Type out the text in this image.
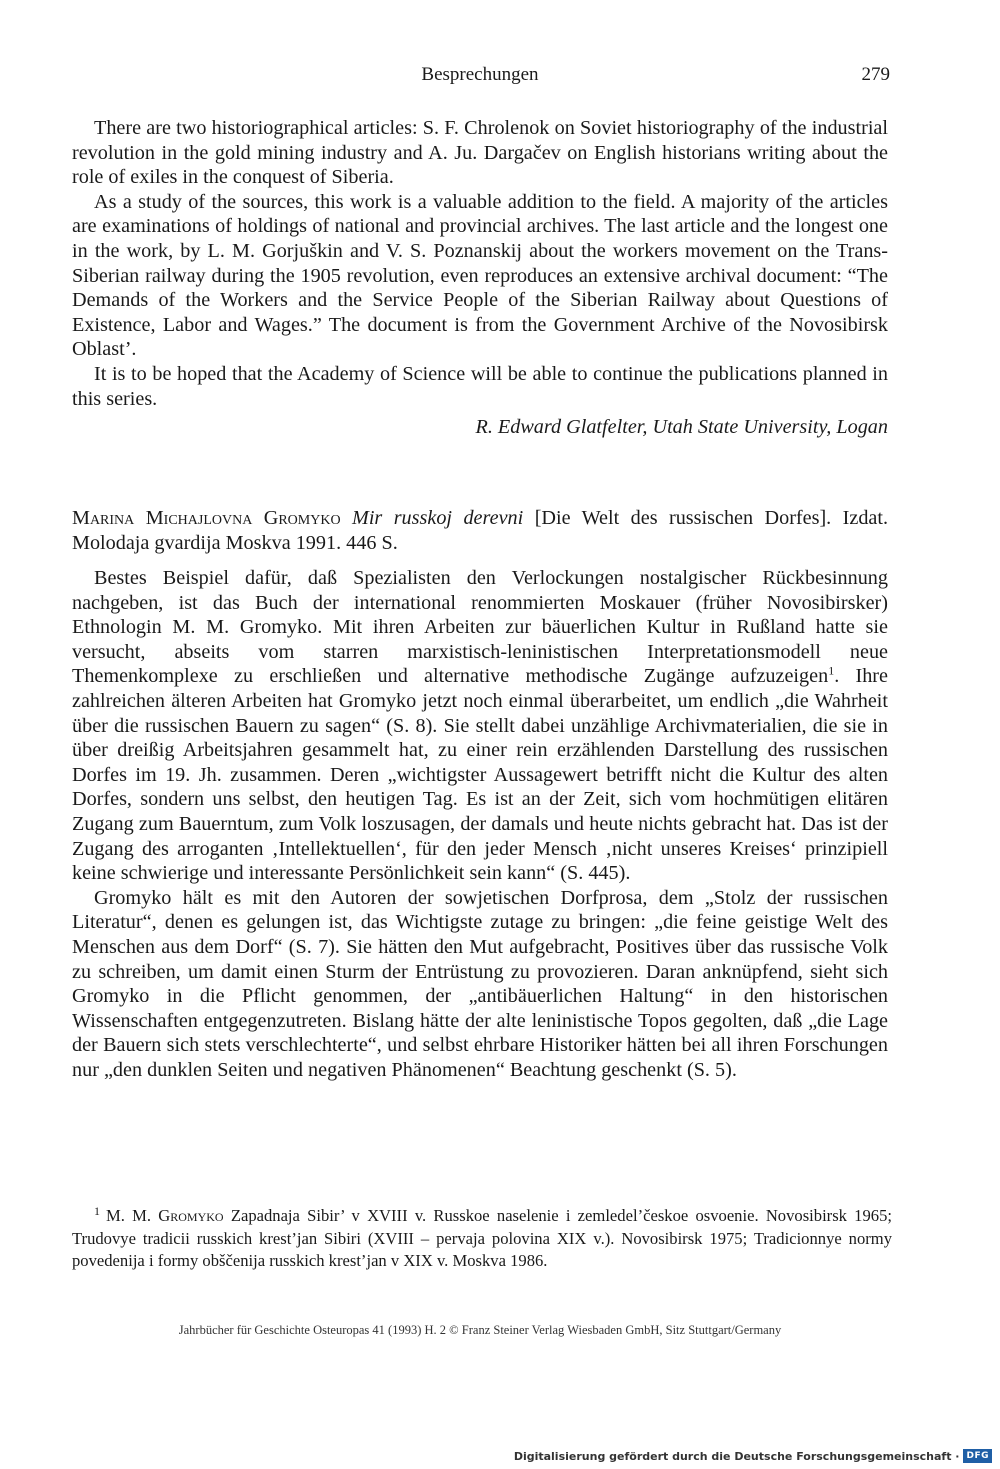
Besprechungen	279

There are two historiographical articles: S. F. Chrolenok on Soviet historiography of the industrial revolution in the gold mining industry and A. Ju. Dargačev on English historians writing about the role of exiles in the conquest of Siberia.

As a study of the sources, this work is a valuable addition to the field. A majority of the articles are examinations of holdings of national and provincial archives. The last article and the longest one in the work, by L. M. Gorjuškin and V. S. Poznanskij about the workers movement on the Trans-Siberian railway during the 1905 revolution, even reproduces an extensive archival document: “The Demands of the Workers and the Service People of the Siberian Railway about Questions of Existence, Labor and Wages.” The document is from the Government Archive of the Novosibirsk Oblast’.

It is to be hoped that the Academy of Science will be able to continue the publications planned in this series.

R. Edward Glatfelter, Utah State University, Logan
Marina Michajlovna Gromyko Mir russkoj derevni [Die Welt des russischen Dorfes]. Izdat. Molodaja gvardija Moskva 1991. 446 S.

Bestes Beispiel dafür, daß Spezialisten den Verlockungen nostalgischer Rückbesinnung nachgeben, ist das Buch der international renommierten Moskauer (früher Novosibirsker) Ethnologin M. M. Gromyko. Mit ihren Arbeiten zur bäuerlichen Kultur in Rußland hatte sie versucht, abseits vom starren marxistisch-leninistischen Interpretationsmodell neue Themenkomplexe zu erschließen und alternative methodische Zugänge aufzuzeigen$^1$. Ihre zahlreichen älteren Arbeiten hat Gromyko jetzt noch einmal überarbeitet, um endlich „die Wahrheit über die russischen Bauern zu sagen“ (S. 8). Sie stellt dabei unzählige Archivmaterialien, die sie in über dreißig Arbeitsjahren gesammelt hat, zu einer rein erzählenden Darstellung des russischen Dorfes im 19. Jh. zusammen. Deren „wichtigster Aussagewert betrifft nicht die Kultur des alten Dorfes, sondern uns selbst, den heutigen Tag. Es ist an der Zeit, sich vom hochmütigen elitären Zugang zum Bauerntum, zum Volk loszusagen, der damals und heute nichts gebracht hat. Das ist der Zugang des arroganten ‚Intellektuellen‘, für den jeder Mensch ‚nicht unseres Kreises‘ prinzipiell keine schwierige und interessante Persönlichkeit sein kann“ (S. 445).

Gromyko hält es mit den Autoren der sowjetischen Dorfprosa, dem „Stolz der russischen Literatur“, denen es gelungen ist, das Wichtigste zutage zu bringen: „die feine geistige Welt des Menschen aus dem Dorf“ (S. 7). Sie hätten den Mut aufgebracht, Positives über das russische Volk zu schreiben, um damit einen Sturm der Entrüstung zu provozieren. Daran anknüpfend, sieht sich Gromyko in die Pflicht genommen, der „antibäuerlichen Haltung“ in den historischen Wissenschaften entgegenzutreten. Bislang hätte der alte leninistische Topos gegolten, daß „die Lage der Bauern sich stets verschlechterte“, und selbst ehrbare Historiker hätten bei all ihren Forschungen nur „den dunklen Seiten und negativen Phänomenen“ Beachtung geschenkt (S. 5).

$^1$ M. M. Gromyko Zapadnaja Sibir’ v XVIII v. Russkoe naselenie i zemledel’českoe osvoenie. Novosibirsk 1965; Trudovye tradicii russkich krest’jan Sibiri (XVIII – pervaja polovina XIX v.). Novosibirsk 1975; Tradicionnye normy povedenija i formy obščenija russkich krest’jan v XIX v. Moskva 1986.
Jahrbücher für Geschichte Osteuropas 41 (1993) H. 2 © Franz Steiner Verlag Wiesbaden GmbH, Sitz Stuttgart/Germany
Digitalisierung gefördert durch die Deutsche Forschungsgemeinschaft · DFG
